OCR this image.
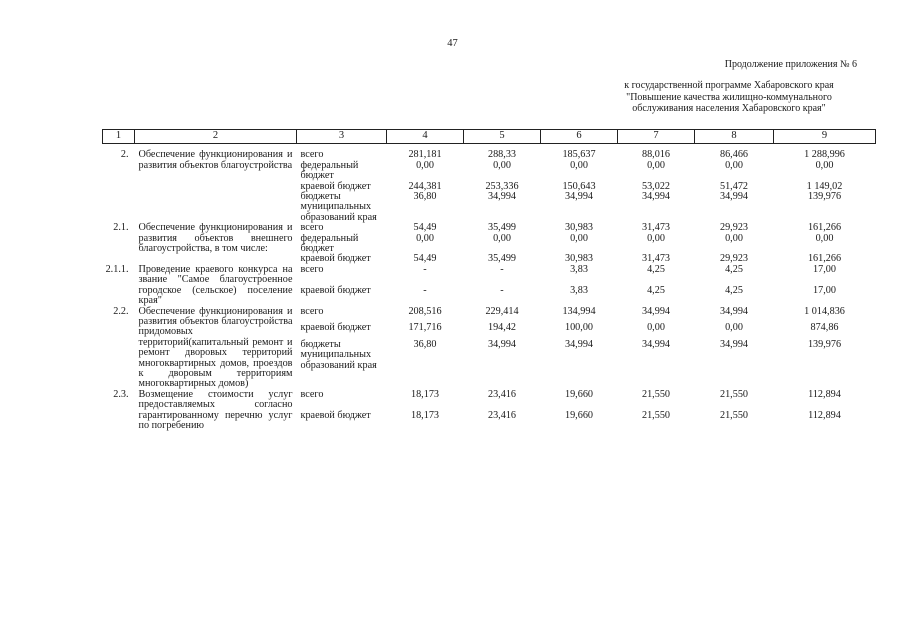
47
Продолжение приложения № 6
к государственной программе Хабаровского края "Повышение качества жилищно-коммунального обслуживания населения Хабаровского края"
1	2	3	4	5	6	7	8	9
2.	Обеспечение функционирования и развития объектов благоустройства	всего	281,181	288,33	185,637	88,016	86,466	1 288,996
		федеральный бюджет	0,00	0,00	0,00	0,00	0,00	0,00
		краевой бюджет	244,381	253,336	150,643	53,022	51,472	1 149,02
		бюджеты муниципальных образований края	36,80	34,994	34,994	34,994	34,994	139,976
2.1.	Обеспечение функционирования и развития объектов внешнего благоустройства, в том числе:	всего	54,49	35,499	30,983	31,473	29,923	161,266
		федеральный бюджет	0,00	0,00	0,00	0,00	0,00	0,00
		краевой бюджет	54,49	35,499	30,983	31,473	29,923	161,266
2.1.1.	Проведение краевого конкурса на звание "Самое благоустроенное городское (сельское) поселение края"	всего	-	-	3,83	4,25	4,25	17,00
		краевой бюджет	-	-	3,83	4,25	4,25	17,00
2.2.	Обеспечение функционирования и развития объектов благоустройства придомовых территорий(капитальный ремонт и ремонт дворовых территорий многоквартирных домов, проездов к дворовым территориям многоквартирных домов)	всего	208,516	229,414	134,994	34,994	34,994	1 014,836
		краевой бюджет	171,716	194,42	100,00	0,00	0,00	874,86
		бюджеты муниципальных образований края	36,80	34,994	34,994	34,994	34,994	139,976
2.3.	Возмещение стоимости услуг предоставляемых согласно гарантированному перечню услуг по погребению	всего	18,173	23,416	19,660	21,550	21,550	112,894
		краевой бюджет	18,173	23,416	19,660	21,550	21,550	112,894
